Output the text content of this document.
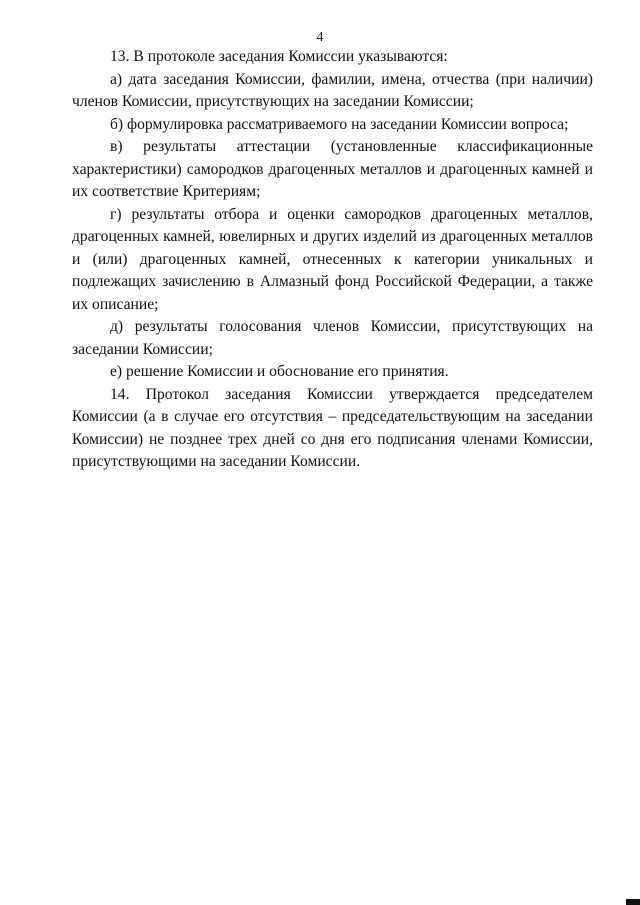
4

13. В протоколе заседания Комиссии указываются:

а) дата заседания Комиссии, фамилии, имена, отчества (при наличии) членов Комиссии, присутствующих на заседании Комиссии;

б) формулировка рассматриваемого на заседании Комиссии вопроса;

в) результаты аттестации (установленные классификационные характеристики) самородков драгоценных металлов и драгоценных камней и их соответствие Критериям;

г) результаты отбора и оценки самородков драгоценных металлов, драгоценных камней, ювелирных и других изделий из драгоценных металлов и (или) драгоценных камней, отнесенных к категории уникальных и подлежащих зачислению в Алмазный фонд Российской Федерации, а также их описание;

д) результаты голосования членов Комиссии, присутствующих на заседании Комиссии;

е) решение Комиссии и обоснование его принятия.

14. Протокол заседания Комиссии утверждается председателем Комиссии (а в случае его отсутствия – председательствующим на заседании Комиссии) не позднее трех дней со дня его подписания членами Комиссии, присутствующими на заседании Комиссии.
